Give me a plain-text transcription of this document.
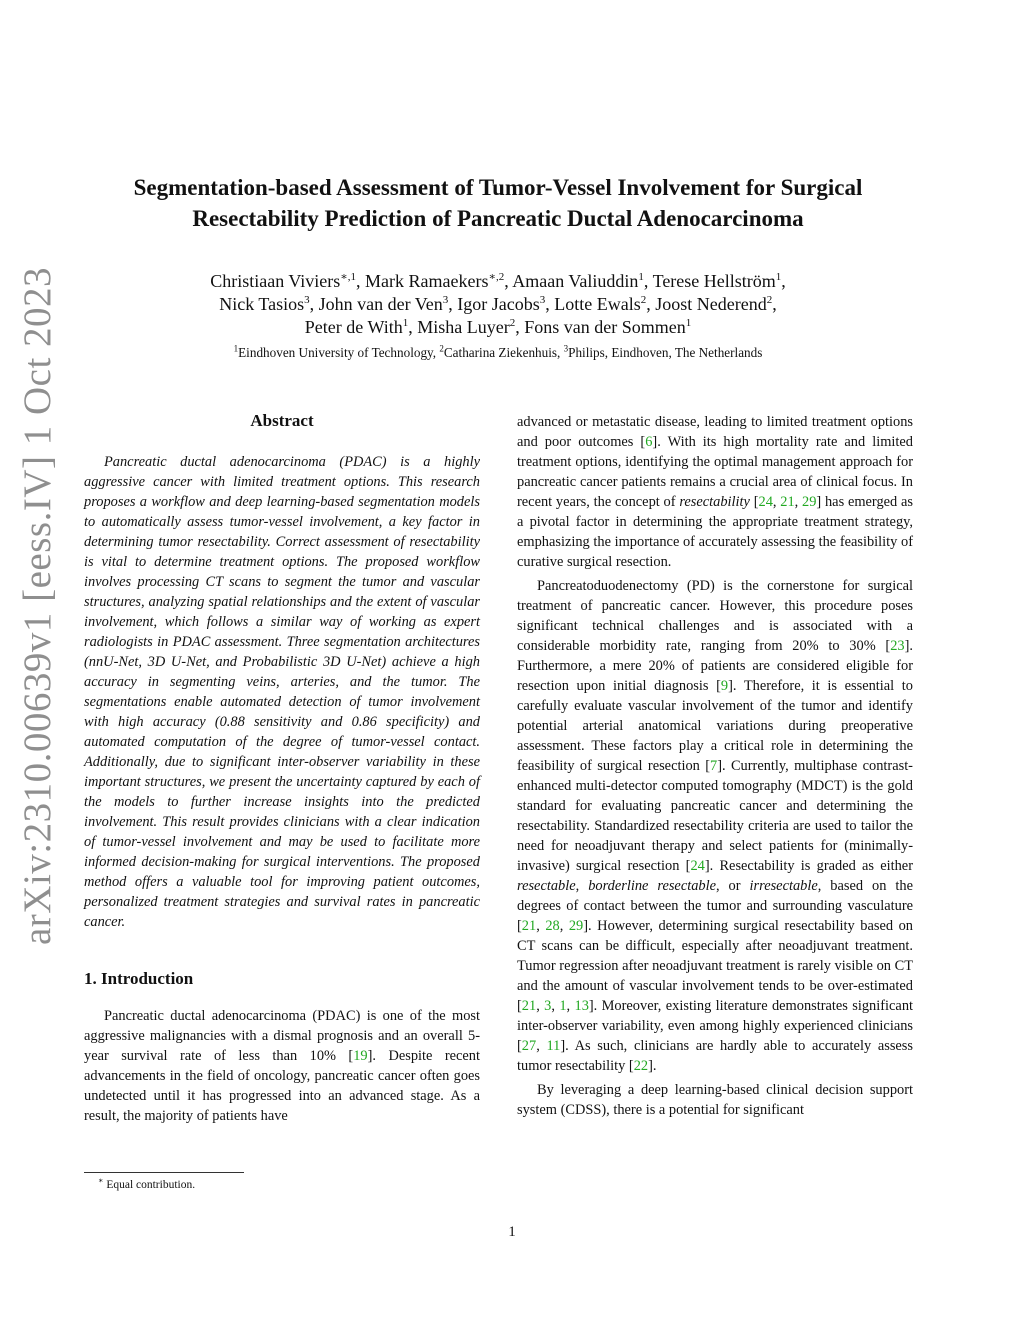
arXiv:2310.00639v1 [eess.IV] 1 Oct 2023
Segmentation-based Assessment of Tumor-Vessel Involvement for Surgical
Resectability Prediction of Pancreatic Ductal Adenocarcinoma
Christiaan Viviers$^{∗,1}$, Mark Ramaekers$^{∗,2}$, Amaan Valiuddin$^1$, Terese Hellström$^1$,
Nick Tasios$^3$, John van der Ven$^3$, Igor Jacobs$^3$, Lotte Ewals$^2$, Joost Nederend$^2$,
Peter de With$^1$, Misha Luyer$^2$, Fons van der Sommen$^1$
$^1$Eindhoven University of Technology, $^2$Catharina Ziekenhuis, $^3$Philips, Eindhoven, The Netherlands
Abstract

Pancreatic ductal adenocarcinoma (PDAC) is a highly aggressive cancer with limited treatment options. This research proposes a workflow and deep learning-based segmentation models to automatically assess tumor-vessel involvement, a key factor in determining tumor resectability. Correct assessment of resectability is vital to determine treatment options. The proposed workflow involves processing CT scans to segment the tumor and vascular structures, analyzing spatial relationships and the extent of vascular involvement, which follows a similar way of working as expert radiologists in PDAC assessment. Three segmentation architectures (nnU-Net, 3D U-Net, and Probabilistic 3D U-Net) achieve a high accuracy in segmenting veins, arteries, and the tumor. The segmentations enable automated detection of tumor involvement with high accuracy (0.88 sensitivity and 0.86 specificity) and automated computation of the degree of tumor-vessel contact. Additionally, due to significant inter-observer variability in these important structures, we present the uncertainty captured by each of the models to further increase insights into the predicted involvement. This result provides clinicians with a clear indication of tumor-vessel involvement and may be used to facilitate more informed decision-making for surgical interventions. The proposed method offers a valuable tool for improving patient outcomes, personalized treatment strategies and survival rates in pancreatic cancer.

1. Introduction

Pancreatic ductal adenocarcinoma (PDAC) is one of the most aggressive malignancies with a dismal prognosis and an overall 5-year survival rate of less than 10% [19]. Despite recent advancements in the field of oncology, pancreatic cancer often goes undetected until it has progressed into an advanced stage. As a result, the majority of patients have

advanced or metastatic disease, leading to limited treatment options and poor outcomes [6]. With its high mortality rate and limited treatment options, identifying the optimal management approach for pancreatic cancer patients remains a crucial area of clinical focus. In recent years, the concept of resectability [24, 21, 29] has emerged as a pivotal factor in determining the appropriate treatment strategy, emphasizing the importance of accurately assessing the feasibility of curative surgical resection.

Pancreatoduodenectomy (PD) is the cornerstone for surgical treatment of pancreatic cancer. However, this procedure poses significant technical challenges and is associated with a considerable morbidity rate, ranging from 20% to 30% [23]. Furthermore, a mere 20% of patients are considered eligible for resection upon initial diagnosis [9]. Therefore, it is essential to carefully evaluate vascular involvement of the tumor and identify potential arterial anatomical variations during preoperative assessment. These factors play a critical role in determining the feasibility of surgical resection [7]. Currently, multiphase contrast-enhanced multi-detector computed tomography (MDCT) is the gold standard for evaluating pancreatic cancer and determining the resectability. Standardized resectability criteria are used to tailor the need for neoadjuvant therapy and select patients for (minimally-invasive) surgical resection [24]. Resectability is graded as either resectable, borderline resectable, or irresectable, based on the degrees of contact between the tumor and surrounding vasculature [21, 28, 29]. However, determining surgical resectability based on CT scans can be difficult, especially after neoadjuvant treatment. Tumor regression after neoadjuvant treatment is rarely visible on CT and the amount of vascular involvement tends to be over-estimated [21, 3, 1, 13]. Moreover, existing literature demonstrates significant inter-observer variability, even among highly experienced clinicians [27, 11]. As such, clinicians are hardly able to accurately assess tumor resectability [22].

By leveraging a deep learning-based clinical decision support system (CDSS), there is a potential for significant

∗ Equal contribution.
1
